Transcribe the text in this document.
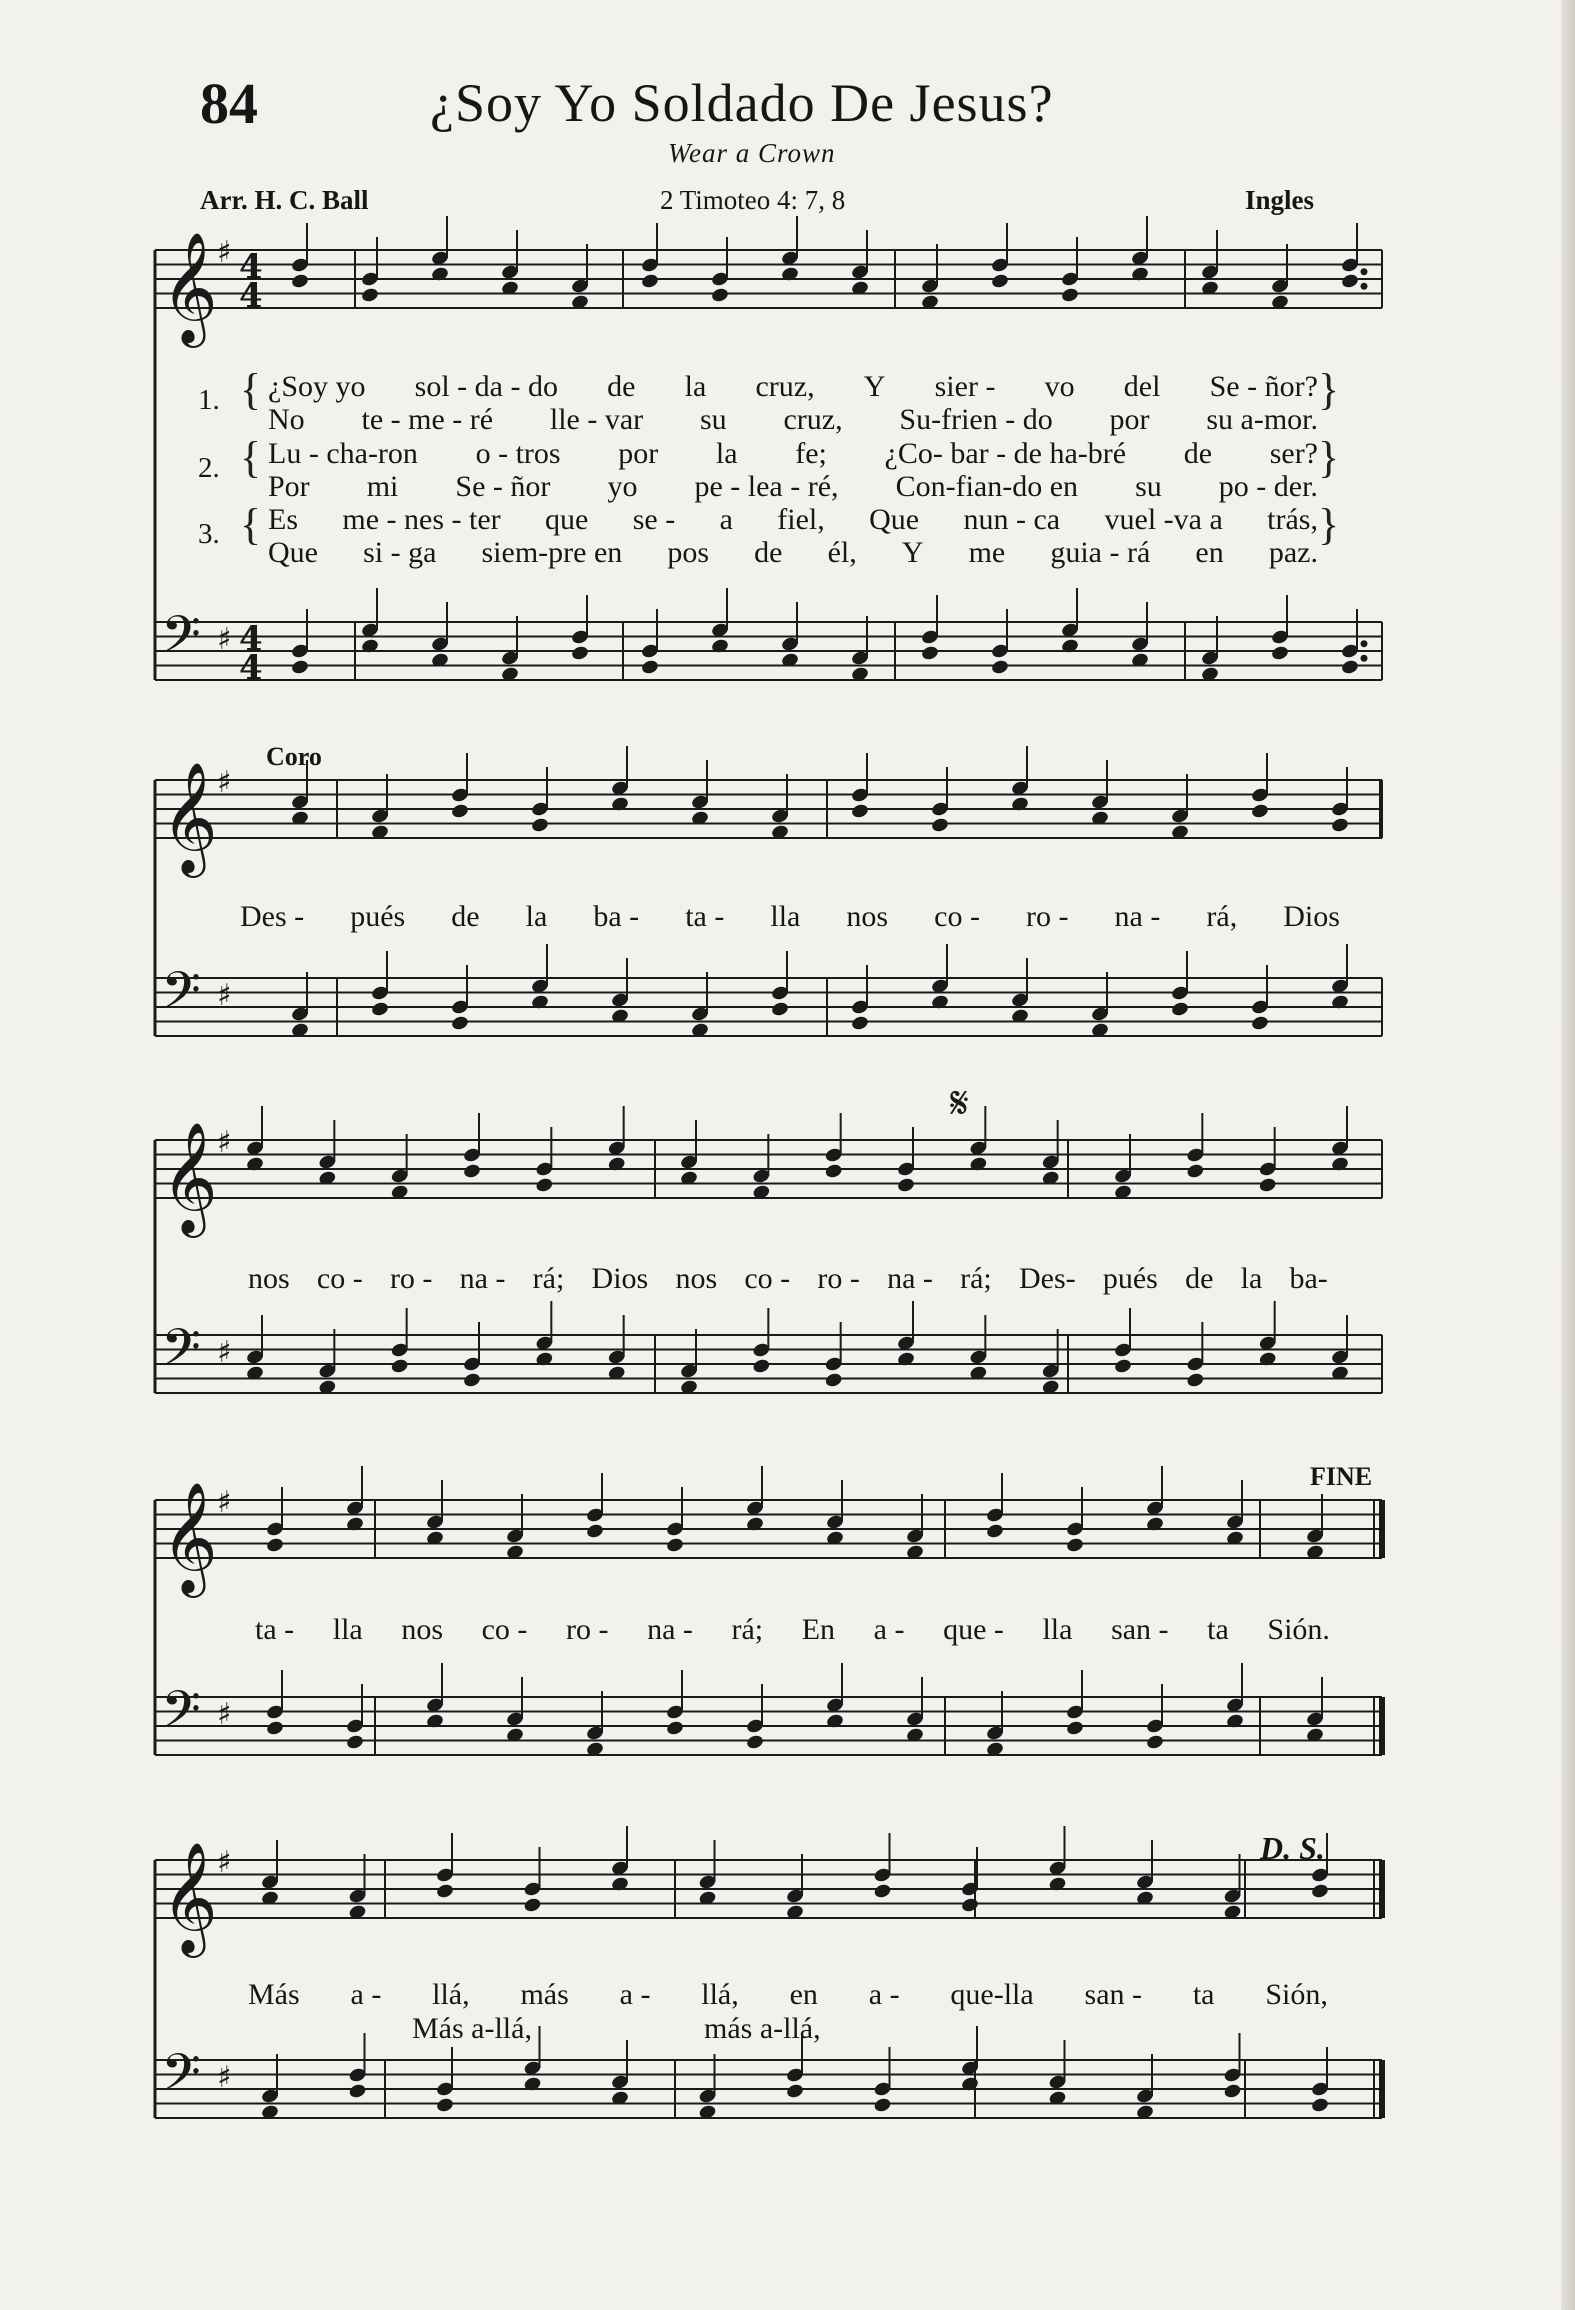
84	¿Soy Yo Soldado De Jesus?
Wear a Crown
Arr. H. C. Ball	2 Timoteo 4: 7, 8	Ingles
𝄞 ♯ 4
4
𝄢 ♯ 4
4
𝄞 ♯
𝄢 ♯
𝄞 ♯
𝄢 ♯
𝄋
𝄞 ♯
𝄢 ♯
𝄞 ♯
𝄢 ♯
1.
2.
3.
{
{
{
}
}
}
¿Soy yo sol - da - do de la cruz, Y sier - vo del Se - ñor?
No te - me - ré lle - var su cruz, Su-frien - do por su a-mor.
Lu - cha-ron o - tros por la fe; ¿Co- bar - de ha-bré de ser?
Por mi Se - ñor yo pe - lea - ré, Con-fian-do en su po - der.
Es me - nes - ter que se - a fiel, Que nun - ca vuel -va a trás,
Que si - ga siem-pre en pos de él, Y me guia - rá en paz.
Coro
Des - pués de la ba - ta - lla nos co - ro - na - rá, Dios
nos co - ro - na - rá; Dios nos co - ro - na - rá; Des- pués de la ba-
FINE
ta - lla nos co - ro - na - rá; En a - que - lla san - ta Sión.
D. S.
Más a - llá, más a - llá, en a - que-lla san - ta Sión,
Más a-llá,	más a-llá,
